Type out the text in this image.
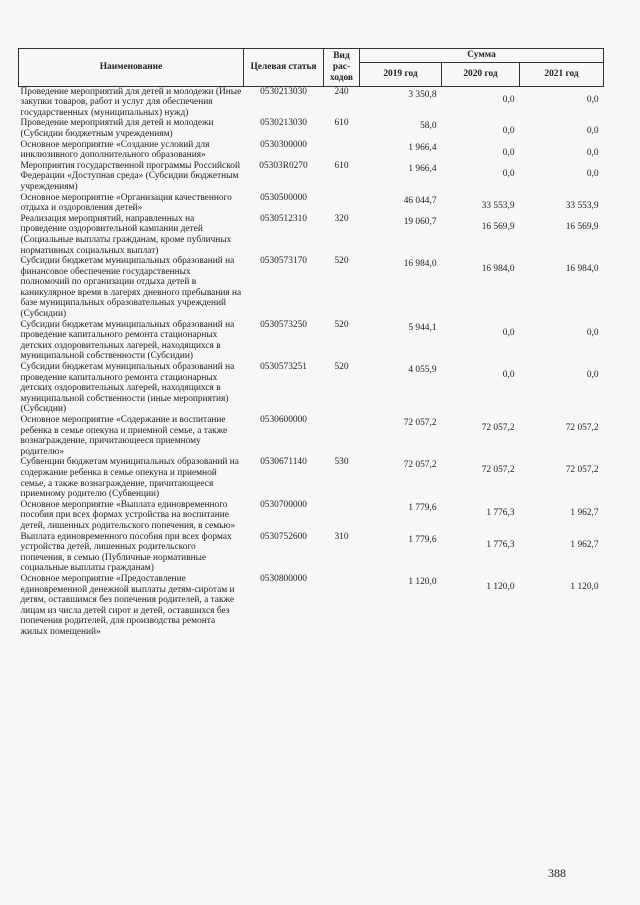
Наименование	Целевая статья	Вид рас-ходов	Сумма		
			2019 год	2020 год	2021 год
Проведение мероприятий для детей и молодежи (Иные закупки товаров, работ и услуг для обеспечения государственных (муниципальных) нужд)	0530213030	240	3 350,8	0,0	0,0
Проведение мероприятий для детей и молодежи (Субсидии бюджетным учреждениям)	0530213030	610	58,0	0,0	0,0
Основное мероприятие «Создание условий для инклюзивного дополнительного образования»	0530300000		1 966,4	0,0	0,0
Мероприятия государственной программы Российской Федерации «Доступная среда» (Субсидии бюджетным учреждениям)	05303R0270	610	1 966,4	0,0	0,0
Основное мероприятие «Организация качественного отдыха и оздоровления детей»	0530500000		46 044,7	33 553,9	33 553,9
Реализация мероприятий, направленных на проведение оздоровительной кампании детей (Социальные выплаты гражданам, кроме публичных нормативных социальных выплат)	0530512310	320	19 060,7	16 569,9	16 569,9
Субсидии бюджетам муниципальных образований на финансовое обеспечение государственных полномочий по организации отдыха детей в каникулярное время в лагерях дневного пребывания на базе муниципальных образовательных учреждений (Субсидии)	0530573170	520	16 984,0	16 984,0	16 984,0
Субсидии бюджетам муниципальных образований на проведение капитального ремонта стационарных детских оздоровительных лагерей, находящихся в муниципальной собственности (Субсидии)	0530573250	520	5 944,1	0,0	0,0
Субсидии бюджетам муниципальных образований на проведение капитального ремонта стационарных детских оздоровительных лагерей, находящихся в муниципальной собственности (иные мероприятия) (Субсидии)	0530573251	520	4 055,9	0,0	0,0
Основное мероприятие «Содержание и воспитание ребенка в семье опекуна и приемной семье, а также вознаграждение, причитающееся приемному родителю»	0530600000		72 057,2	72 057,2	72 057,2
Субвенции бюджетам муниципальных образований на содержание ребенка в семье опекуна и приемной семье, а также вознаграждение, причитающееся приемному родителю (Субвенции)	0530671140	530	72 057,2	72 057,2	72 057,2
Основное мероприятие «Выплата единовременного пособия при всех формах устройства на воспитание детей, лишенных родительского попечения, в семью»	0530700000		1 779,6	1 776,3	1 962,7
Выплата единовременного пособия при всех формах устройства детей, лишенных родительского попечения, в семью (Публичные нормативные социальные выплаты гражданам)	0530752600	310	1 779,6	1 776,3	1 962,7
Основное мероприятие «Предоставление единовременной денежной выплаты детям-сиротам и детям, оставшимся без попечения родителей, а также лицам из числа детей сирот и детей, оставшихся без попечения родителей, для производства ремонта жилых помещений»	0530800000		1 120,0	1 120,0	1 120,0
388
